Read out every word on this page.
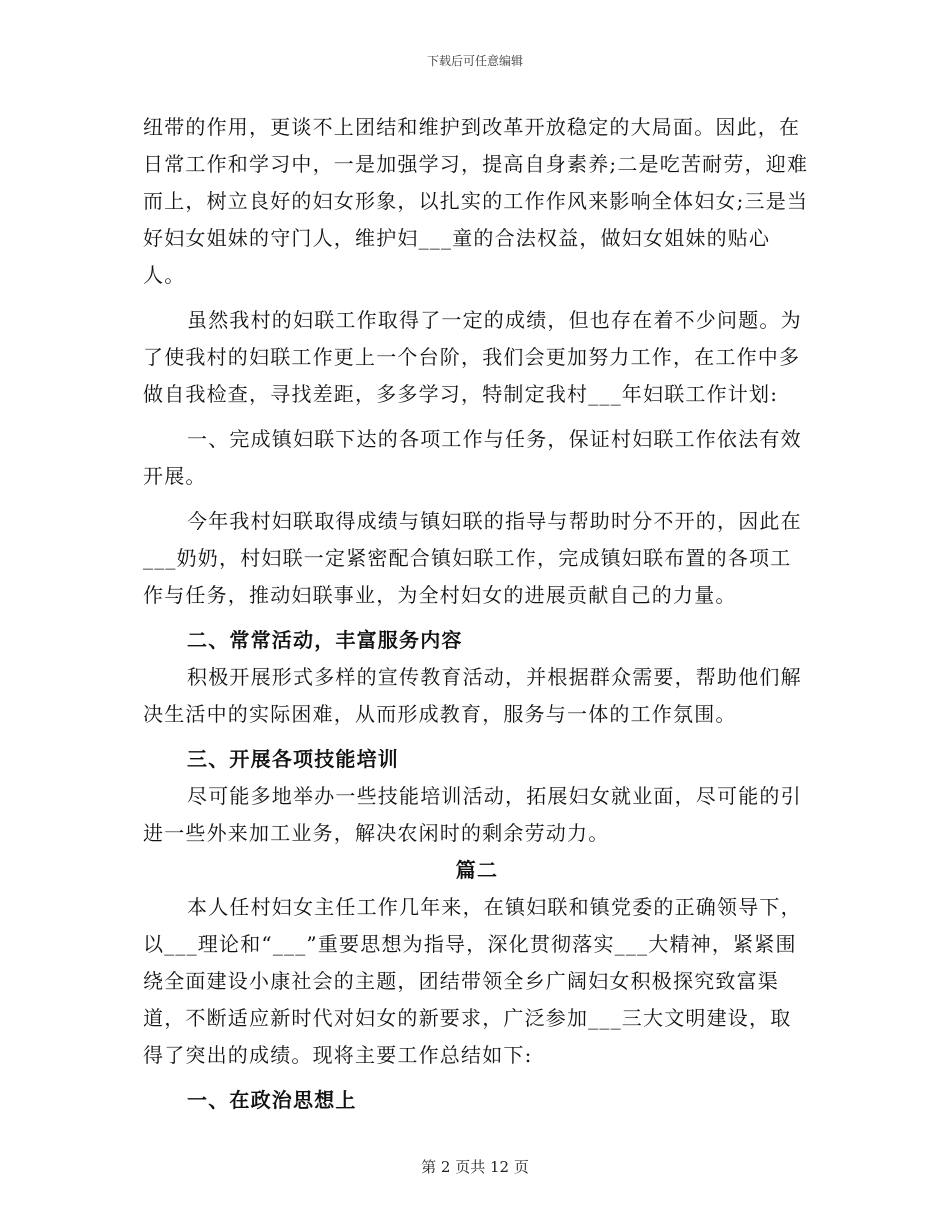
下载后可任意编辑

纽带的作用，更谈不上团结和维护到改革开放稳定的大局面。因此，在日常工作和学习中，一是加强学习，提高自身素养;二是吃苦耐劳，迎难而上，树立良好的妇女形象，以扎实的工作作风来影响全体妇女;三是当好妇女姐妹的守门人，维护妇___童的合法权益，做妇女姐妹的贴心人。

虽然我村的妇联工作取得了一定的成绩，但也存在着不少问题。为了使我村的妇联工作更上一个台阶，我们会更加努力工作，在工作中多做自我检查，寻找差距，多多学习，特制定我村___年妇联工作计划:

一、完成镇妇联下达的各项工作与任务，保证村妇联工作依法有效开展。

今年我村妇联取得成绩与镇妇联的指导与帮助时分不开的，因此在___奶奶，村妇联一定紧密配合镇妇联工作，完成镇妇联布置的各项工作与任务，推动妇联事业，为全村妇女的进展贡献自己的力量。

二、常常活动，丰富服务内容

积极开展形式多样的宣传教育活动，并根据群众需要，帮助他们解决生活中的实际困难，从而形成教育，服务与一体的工作氛围。

三、开展各项技能培训

尽可能多地举办一些技能培训活动，拓展妇女就业面，尽可能的引进一些外来加工业务，解决农闲时的剩余劳动力。

篇二

本人任村妇女主任工作几年来，在镇妇联和镇党委的正确领导下，以___理论和“___”重要思想为指导，深化贯彻落实___大精神，紧紧围绕全面建设小康社会的主题，团结带领全乡广阔妇女积极探究致富渠道，不断适应新时代对妇女的新要求，广泛参加___三大文明建设，取得了突出的成绩。现将主要工作总结如下:

一、在政治思想上

第 2 页共 12 页
